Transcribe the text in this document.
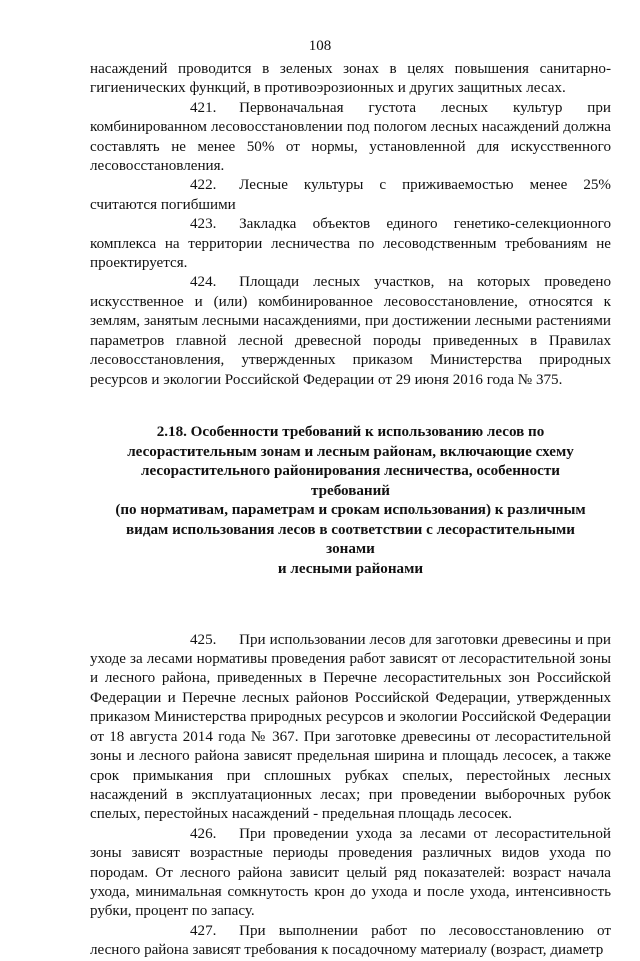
108

насаждений проводится в зеленых зонах в целях повышения санитарно-гигиенических функций, в противоэрозионных и других защитных лесах.

421.   Первоначальная густота лесных культур при комбинированном лесовосстановлении под пологом лесных насаждений должна составлять не менее 50% от нормы, установленной для искусственного лесовосстановления.

422.   Лесные культуры с приживаемостью менее 25% считаются погибшими

423.   Закладка объектов единого генетико-селекционного комплекса на территории лесничества по лесоводственным требованиям не проектируется.

424.   Площади лесных участков, на которых проведено искусственное и (или) комбинированное лесовосстановление, относятся к землям, занятым лесными насаждениями, при достижении лесными растениями параметров главной лесной древесной породы приведенных в Правилах лесовосстановления, утвержденных приказом Министерства природных ресурсов и экологии Российской Федерации от 29 июня 2016 года № 375.

2.18. Особенности требований к использованию лесов по
лесорастительным зонам и лесным районам, включающие схему
лесорастительного районирования лесничества, особенности требований
(по нормативам, параметрам и срокам использования) к различным
видам использования лесов в соответствии с лесорастительными зонами
и лесными районами

425.   При использовании лесов для заготовки древесины и при уходе за лесами нормативы проведения работ зависят от лесорастительной зоны и лесного района, приведенных в Перечне лесорастительных зон Российской Федерации и Перечне лесных районов Российской Федерации, утвержденных приказом Министерства природных ресурсов и экологии Российской Федерации от 18 августа 2014 года № 367. При заготовке древесины от лесорастительной зоны и лесного района зависят предельная ширина и площадь лесосек, а также срок примыкания при сплошных рубках спелых, перестойных лесных насаждений в эксплуатационных лесах; при проведении выборочных рубок спелых, перестойных насаждений - предельная площадь лесосек.

426.   При проведении ухода за лесами от лесорастительной зоны зависят возрастные периоды проведения различных видов ухода по породам. От лесного района зависит целый ряд показателей: возраст начала ухода, минимальная сомкнутость крон до ухода и после ухода, интенсивность рубки, процент по запасу.

427.   При выполнении работ по лесовосстановлению от лесного района зависят требования к посадочному материалу (возраст, диаметр
